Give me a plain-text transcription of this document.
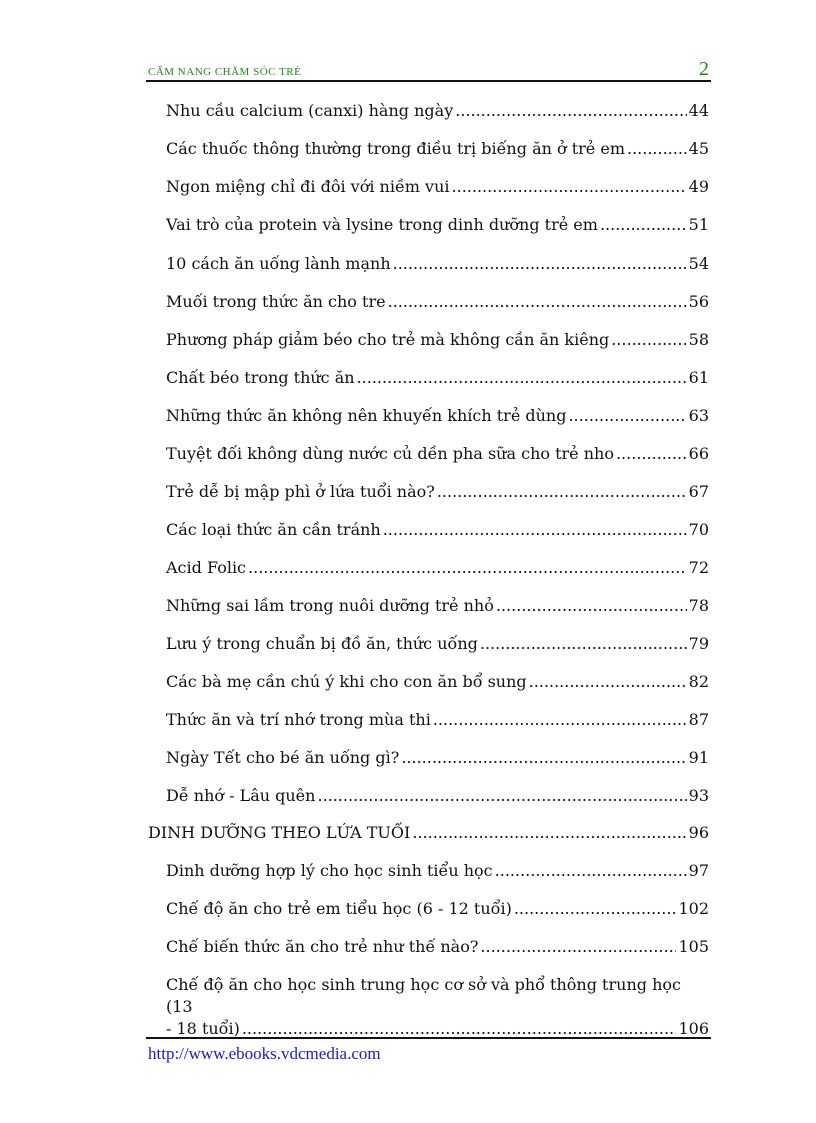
CẨM NANG CHĂM SÓC TRẺ	2
Nhu cầu calcium (canxi) hàng ngày .....	44
Các thuốc thông thường trong điều trị biếng ăn ở trẻ em .....	45
Ngon miệng chỉ đi đôi với niềm vui .....	49
Vai trò của protein và lysine trong dinh dưỡng trẻ em .....	51
10 cách ăn uống lành mạnh .....	54
Muối trong thức ăn cho tre .....	56
Phương pháp giảm béo cho trẻ mà không cần ăn kiêng .....	58
Chất béo trong thức ăn .....	61
Những thức ăn không nên khuyến khích trẻ dùng .....	63
Tuyệt đối không dùng nước củ dền pha sữa cho trẻ nho .....	66
Trẻ dễ bị mập phì ở lứa tuổi nào? .....	67
Các loại thức ăn cần tránh .....	70
Acid Folic .....	72
Những sai lầm trong nuôi dưỡng trẻ nhỏ .....	78
Lưu ý trong chuẩn bị đồ ăn, thức uống .....	79
Các bà mẹ cần chú ý khi cho con ăn bổ sung .....	82
Thức ăn và trí nhớ trong mùa thi .....	87
Ngày Tết cho bé ăn uống gì? .....	91
Dễ nhớ - Lâu quên .....	93
DINH DƯỠNG THEO LỨA TUỔI .....	96
Dinh dưỡng hợp lý cho học sinh tiểu học .....	97
Chế độ ăn cho trẻ em tiểu học (6 - 12 tuổi) .....	102
Chế biến thức ăn cho trẻ như thế nào? .....	105
Chế độ ăn cho học sinh trung học cơ sở và phổ thông trung học (13
- 18 tuổi) .....	106
http://www.ebooks.vdcmedia.com
